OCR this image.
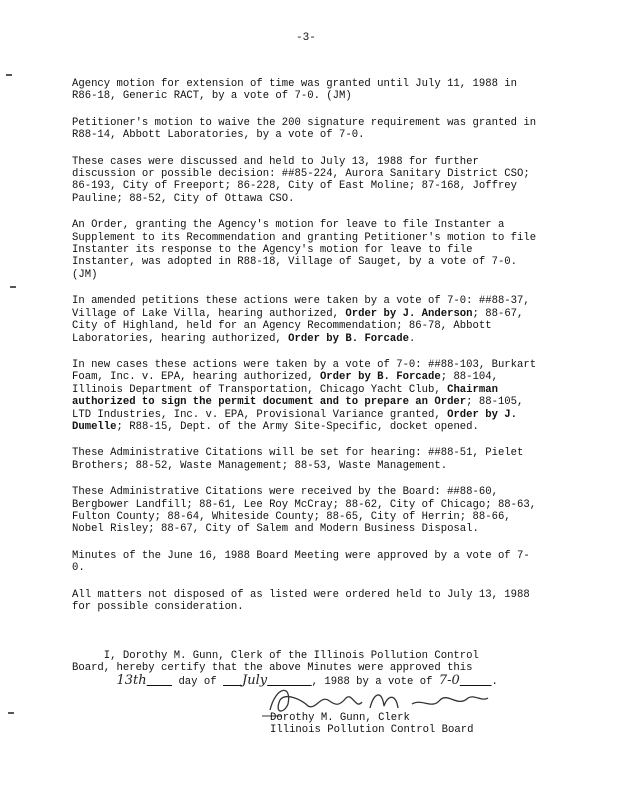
-3-

Agency motion for extension of time was granted until July 11, 1988 in R86-18, Generic RACT, by a vote of 7-0. (JM)

Petitioner's motion to waive the 200 signature requirement was granted in R88-14, Abbott Laboratories, by a vote of 7-0.

These cases were discussed and held to July 13, 1988 for further discussion or possible decision: ##85-224, Aurora Sanitary District CSO; 86-193, City of Freeport; 86-228, City of East Moline; 87-168, Joffrey Pauline; 88-52, City of Ottawa CSO.

An Order, granting the Agency's motion for leave to file Instanter a Supplement to its Recommendation and granting Petitioner's motion to file Instanter its response to the Agency's motion for leave to file Instanter, was adopted in R88-18, Village of Sauget, by a vote of 7-0. (JM)

In amended petitions these actions were taken by a vote of 7-0: ##88-37, Village of Lake Villa, hearing authorized, Order by J. Anderson; 88-67, City of Highland, held for an Agency Recommendation; 86-78, Abbott Laboratories, hearing authorized, Order by B. Forcade.

In new cases these actions were taken by a vote of 7-0: ##88-103, Burkart Foam, Inc. v. EPA, hearing authorized, Order by B. Forcade; 88-104, Illinois Department of Transportation, Chicago Yacht Club, Chairman authorized to sign the permit document and to prepare an Order; 88-105, LTD Industries, Inc. v. EPA, Provisional Variance granted, Order by J. Dumelle; R88-15, Dept. of the Army Site-Specific, docket opened.

These Administrative Citations will be set for hearing: ##88-51, Pielet Brothers; 88-52, Waste Management; 88-53, Waste Management.

These Administrative Citations were received by the Board: ##88-60, Bergbower Landfill; 88-61, Lee Roy McCray; 88-62, City of Chicago; 88-63, Fulton County; 88-64, Whiteside County; 88-65, City of Herrin; 88-66, Nobel Risley; 88-67, City of Salem and Modern Business Disposal.

Minutes of the June 16, 1988 Board Meeting were approved by a vote of 7-0.

All matters not disposed of as listed were ordered held to July 13, 1988 for possible consideration.

I, Dorothy M. Gunn, Clerk of the Illinois Pollution Control
Board, hereby certify that the above Minutes were approved this
13th	day of July	, 1988 by a vote of 7-0	.
Dorothy M. Gunn, Clerk
Illinois Pollution Control Board
